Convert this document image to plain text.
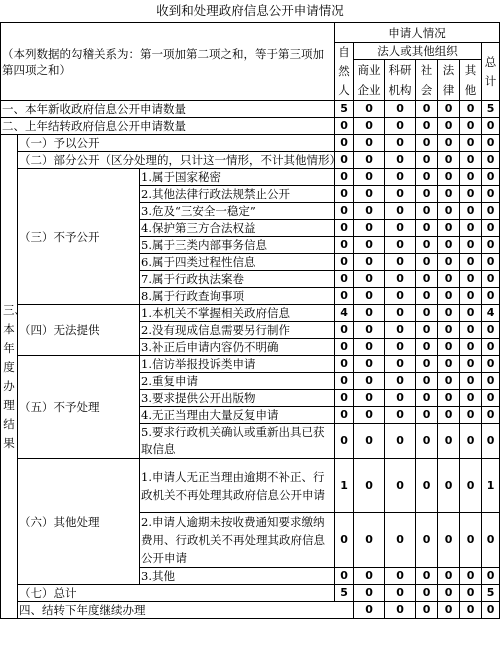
收到和处理政府信息公开申请情况
（本列数据的勾稽关系为：第一项加第二项之和，等于第三项加第四项之和）			申请人情况							
			自然人	法人或其他组织					总计	
				商业企业	科研机构	社会	法律	其他		
一、本年新收政府信息公开申请数量			5	0	0	0	0	0	5	
二、上年结转政府信息公开申请数量			0	0	0	0	0	0	0	
三、本年度办理结果	（一）予以公开		0	0	0	0	0	0	0	
	（二）部分公开（区分处理的，只计这一情形，不计其他情形）		0	0	0	0	0	0	0	
	（三）不予公开	1.属于国家秘密	0	0	0	0	0	0	0	
		2.其他法律行政法规禁止公开	0	0	0	0	0	0	0	
		3.危及“三安全一稳定”	0	0	0	0	0	0	0	
		4.保护第三方合法权益	0	0	0	0	0	0	0	
		5.属于三类内部事务信息	0	0	0	0	0	0	0	
		6.属于四类过程性信息	0	0	0	0	0	0	0	
		7.属于行政执法案卷	0	0	0	0	0	0	0	
		8.属于行政查询事项	0	0	0	0	0	0	0	
	（四）无法提供	1.本机关不掌握相关政府信息	4	0	0	0	0	0	4	
		2.没有现成信息需要另行制作	0	0	0	0	0	0	0	
		3.补正后申请内容仍不明确	0	0	0	0	0	0	0	
	（五）不予处理	1.信访举报投诉类申请	0	0	0	0	0	0	0	
		2.重复申请	0	0	0	0	0	0	0	
		3.要求提供公开出版物	0	0	0	0	0	0	0	
		4.无正当理由大量反复申请	0	0	0	0	0	0	0	
		5.要求行政机关确认或重新出具已获取信息	0	0	0	0	0	0	0	
	（六）其他处理	1.申请人无正当理由逾期不补正、行政机关不再处理其政府信息公开申请	1	0	0	0	0	0	1	
		2.申请人逾期未按收费通知要求缴纳费用、行政机关不再处理其政府信息公开申请	0	0	0	0	0	0	0	
		3.其他	0	0	0	0	0	0	0	
	（七）总计		5	0	0	0	0	0	5	
	四、结转下年度继续办理			0	0	0	0	0	0	
